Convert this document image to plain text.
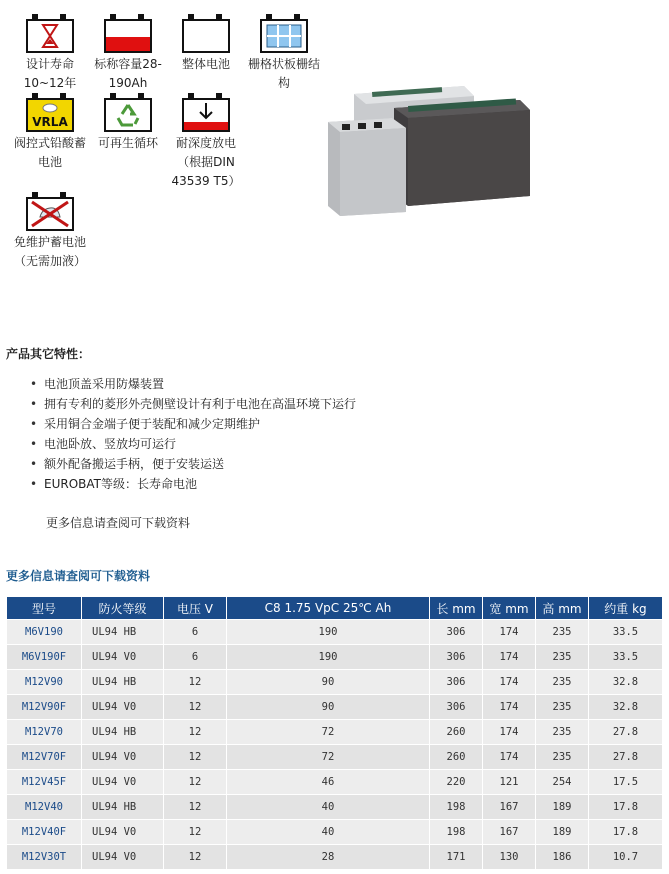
设计寿命
10~12年
标称容量28-
190Ah
整体电池	栅格状板栅结
构
VRLA
阀控式铅酸蓄
电池
可再生循环	耐深度放电
（根据DIN
43539 T5）
免维护蓄电池
（无需加液）
产品其它特性：
• 电池顶盖采用防爆装置
• 拥有专利的菱形外壳侧壁设计有利于电池在高温环境下运行
• 采用铜合金端子便于装配和减少定期维护
• 电池卧放、竖放均可运行
• 额外配备搬运手柄，便于安装运送
• EUROBAT等级：长寿命电池
更多信息请查阅可下载资料
更多信息请查阅可下载资料
型号	防火等级	电压 V	C8 1.75 VpC 25℃ Ah	长 mm	宽 mm	高 mm	约重 kg
M6V190	UL94 HB	6	190	306	174	235	33.5
M6V190F	UL94 V0	6	190	306	174	235	33.5
M12V90	UL94 HB	12	90	306	174	235	32.8
M12V90F	UL94 V0	12	90	306	174	235	32.8
M12V70	UL94 HB	12	72	260	174	235	27.8
M12V70F	UL94 V0	12	72	260	174	235	27.8
M12V45F	UL94 V0	12	46	220	121	254	17.5
M12V40	UL94 HB	12	40	198	167	189	17.8
M12V40F	UL94 V0	12	40	198	167	189	17.8
M12V30T	UL94 V0	12	28	171	130	186	10.7
